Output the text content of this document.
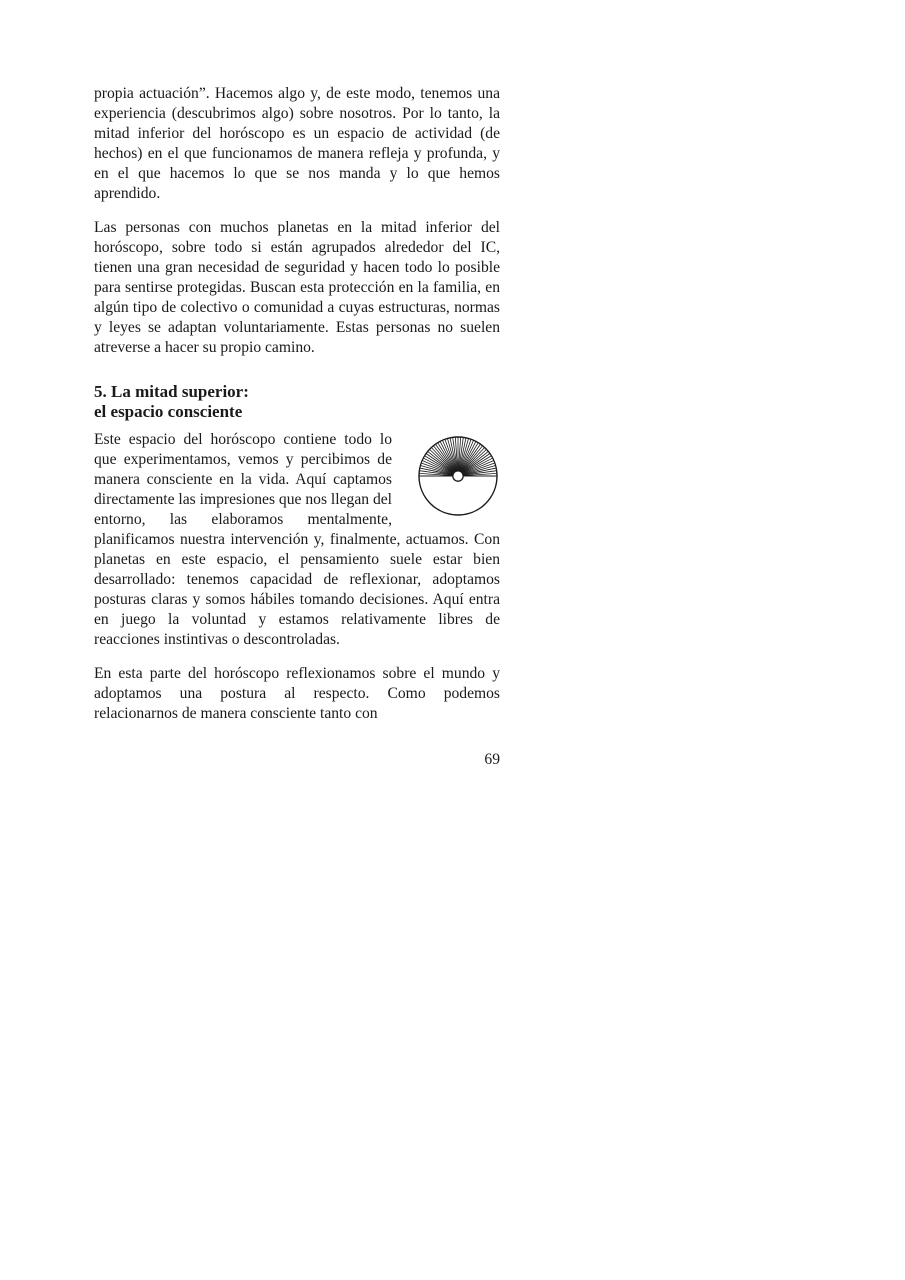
propia actuación”. Hacemos algo y, de este modo, tenemos una experiencia (descubrimos algo) sobre nosotros. Por lo tanto, la mitad inferior del horóscopo es un espacio de actividad (de hechos) en el que funcionamos de manera refleja y profunda, y en el que hacemos lo que se nos manda y lo que hemos aprendido.

Las personas con muchos planetas en la mitad inferior del horóscopo, sobre todo si están agrupados alrededor del IC, tienen una gran necesidad de seguridad y hacen todo lo posible para sentirse protegidas. Buscan esta protección en la familia, en algún tipo de colectivo o comunidad a cuyas estructuras, normas y leyes se adaptan voluntariamente. Estas personas no suelen atreverse a hacer su propio camino.

5. La mitad superior:
el espacio consciente

Este espacio del horóscopo contiene todo lo que experimentamos, vemos y percibimos de manera consciente en la vida. Aquí captamos directamente las impresiones que nos llegan del entorno, las elaboramos mentalmente, planificamos nuestra intervención y, finalmente, actuamos. Con planetas en este espacio, el pensamiento suele estar bien desarrollado: tenemos capacidad de reflexionar, adoptamos posturas claras y somos hábiles tomando decisiones. Aquí entra en juego la voluntad y estamos relativamente libres de reacciones instintivas o descontroladas.

En esta parte del horóscopo reflexionamos sobre el mundo y adoptamos una postura al respecto. Como podemos relacionarnos de manera consciente tanto con

69
